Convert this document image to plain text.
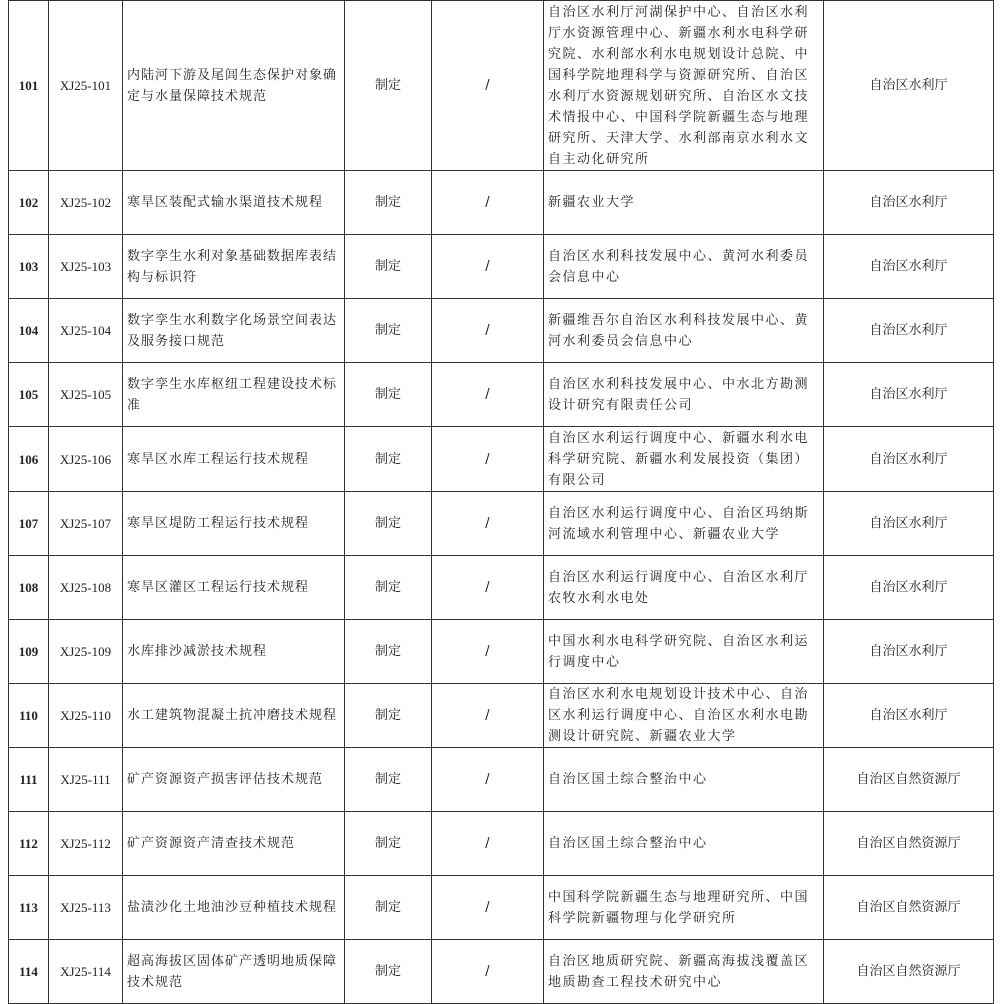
101	XJ25-101	内陆河下游及尾闾生态保护对象确定与水量保障技术规范	制定	/	自治区水利厅河湖保护中心、自治区水利厅水资源管理中心、新疆水利水电科学研究院、水利部水利水电规划设计总院、中国科学院地理科学与资源研究所、自治区水利厅水资源规划研究所、自治区水文技术情报中心、中国科学院新疆生态与地理研究所、天津大学、水利部南京水利水文自主动化研究所	自治区水利厅	
102	XJ25-102	寒旱区装配式输水渠道技术规程	制定	/	新疆农业大学	自治区水利厅	
103	XJ25-103	数字孪生水利对象基础数据库表结构与标识符	制定	/	自治区水利科技发展中心、黄河水利委员会信息中心	自治区水利厅	
104	XJ25-104	数字孪生水利数字化场景空间表达及服务接口规范	制定	/	新疆维吾尔自治区水利科技发展中心、黄河水利委员会信息中心	自治区水利厅	
105	XJ25-105	数字孪生水库枢纽工程建设技术标准	制定	/	自治区水利科技发展中心、中水北方勘测设计研究有限责任公司	自治区水利厅	
106	XJ25-106	寒旱区水库工程运行技术规程	制定	/	自治区水利运行调度中心、新疆水利水电科学研究院、新疆水利发展投资（集团）有限公司	自治区水利厅	
107	XJ25-107	寒旱区堤防工程运行技术规程	制定	/	自治区水利运行调度中心、自治区玛纳斯河流域水利管理中心、新疆农业大学	自治区水利厅	
108	XJ25-108	寒旱区灌区工程运行技术规程	制定	/	自治区水利运行调度中心、自治区水利厅农牧水利水电处	自治区水利厅	
109	XJ25-109	水库排沙减淤技术规程	制定	/	中国水利水电科学研究院、自治区水利运行调度中心	自治区水利厅	
110	XJ25-110	水工建筑物混凝土抗冲磨技术规程	制定	/	自治区水利水电规划设计技术中心、自治区水利运行调度中心、自治区水利水电勘测设计研究院、新疆农业大学	自治区水利厅	
111	XJ25-111	矿产资源资产损害评估技术规范	制定	/	自治区国土综合整治中心	自治区自然资源厅	
112	XJ25-112	矿产资源资产清查技术规范	制定	/	自治区国土综合整治中心	自治区自然资源厅	
113	XJ25-113	盐渍沙化土地油沙豆种植技术规程	制定	/	中国科学院新疆生态与地理研究所、中国科学院新疆物理与化学研究所	自治区自然资源厅	
114	XJ25-114	超高海拔区固体矿产透明地质保障技术规范	制定	/	自治区地质研究院、新疆高海拔浅覆盖区地质勘查工程技术研究中心	自治区自然资源厅	
